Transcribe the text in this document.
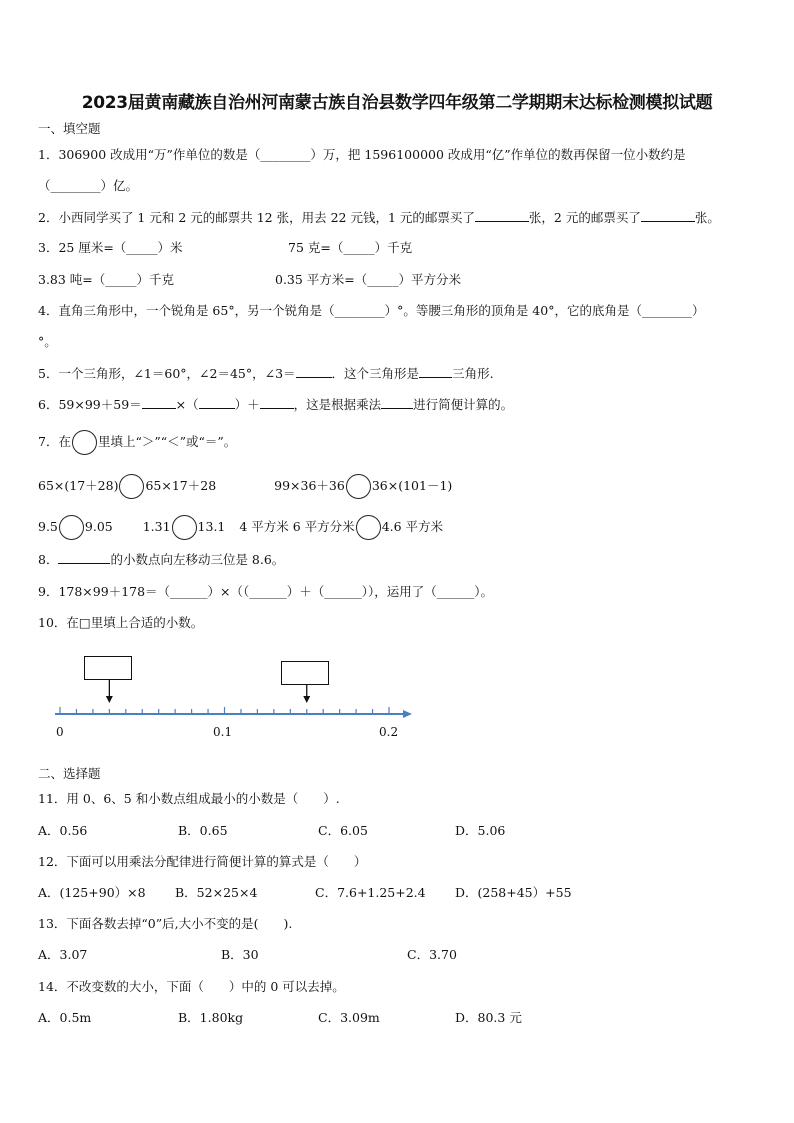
2023届黄南藏族自治州河南蒙古族自治县数学四年级第二学期期末达标检测模拟试题
一、填空题
1．306900 改成用“万”作单位的数是（________）万，把 1596100000 改成用“亿”作单位的数再保留一位小数约是
（________）亿。
2．小西同学买了 1 元和 2 元的邮票共 12 张，用去 22 元钱，1 元的邮票买了	张，2 元的邮票买了	张。
3．25 厘米=（_____）米	75 克=（_____）千克
3.83 吨=（_____）千克	0.35 平方米=（_____）平方分米
4．直角三角形中，一个锐角是 65°，另一个锐角是（________）°。等腰三角形的顶角是 40°，它的底角是（________）
°。
5．一个三角形，∠1＝60°，∠2＝45°，∠3＝	．这个三角形是	三角形.
6．59×99＋59＝	×（	）＋	，这是根据乘法	进行简便计算的。
7．在 里填上“＞”“＜”或“＝”。
65×(17＋28) 65×17＋28	99×36＋36 36×(101－1)
9.5 9.05 1.31 13.1 4 平方米 6 平方分米 4.6 平方米
8．	的小数点向左移动三位是 8.6。
9．178×99＋178＝（______）×（（______）＋（______）），运用了（______）。
10．在□里填上合适的小数。
0	0.1	0.2
二、选择题
11．用 0、6、5 和小数点组成最小的小数是（　　）.
A．0.56	B．0.65	C．6.05	D．5.06
12．下面可以用乘法分配律进行简便计算的算式是（　　）
A．(125+90）×8 B．52×25×4	C．7.6+1.25+2.4 D．(258+45）+55
13．下面各数去掉“0”后,大小不变的是(　　).
A．3.07	B．30	C．3.70
14．不改变数的大小，下面（　　）中的 0 可以去掉。
A．0.5m	B．1.80kg	C．3.09m	D．80.3 元
